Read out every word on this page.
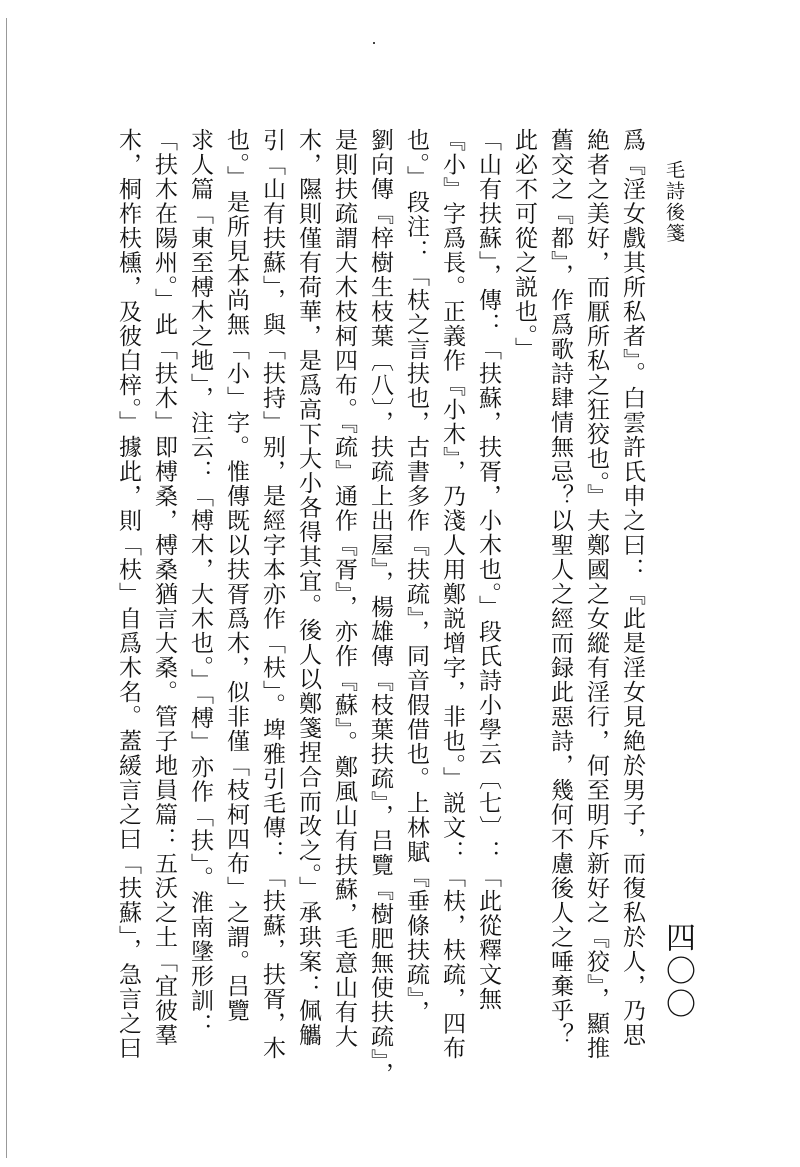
毛詩後箋
爲『淫女戲其所私者』。白雲許氏申之曰：『此是淫女見絶於男子，而復私於人，乃思
絶者之美好，而厭所私之狂狡也。』夫鄭國之女縱有淫行，何至明斥新好之『狡』，顯推
舊交之『都』，作爲歌詩肆情無忌？以聖人之經而録此惡詩，幾何不慮後人之唾棄乎？
此必不可從之説也。」
「山有扶蘇」，傳：「扶蘇，扶胥，小木也。」段氏詩小學云〔七〕：「此從釋文無
『小』字爲長。正義作『小木』，乃淺人用鄭説增字，非也。」説文：「枎，枎疏，四布
也。」段注：「枎之言扶也，古書多作『扶疏』，同音假借也。上林賦『垂條扶疏』，
劉向傳『梓樹生枝葉〔八〕，扶疏上出屋』，楊雄傳『枝葉扶疏』，吕覽『樹肥無使扶疏』，
是則扶疏謂大木枝柯四布。『疏』通作『胥』，亦作『蘇』。鄭風山有扶蘇，毛意山有大
木，隰則僅有荷華，是爲高下大小各得其宜。後人以鄭箋捏合而改之。」承珙案：佩觿
引「山有扶蘇」，與「扶持」别，是經字本亦作「枎」。埤雅引毛傳：「扶蘇，扶胥，木
也。」是所見本尚無「小」字。惟傳既以扶胥爲木，似非僅「枝柯四布」之謂。吕覽
求人篇「東至榑木之地」，注云：「榑木，大木也。」「榑」亦作「扶」。淮南墬形訓：
「扶木在陽州。」此「扶木」即榑桑，榑桑猶言大桑。管子地員篇：五沃之土「宜彼羣
木，桐柞枎櫄，及彼白梓。」據此，則「枎」自爲木名。蓋緩言之曰「扶蘇」，急言之曰	四〇〇
